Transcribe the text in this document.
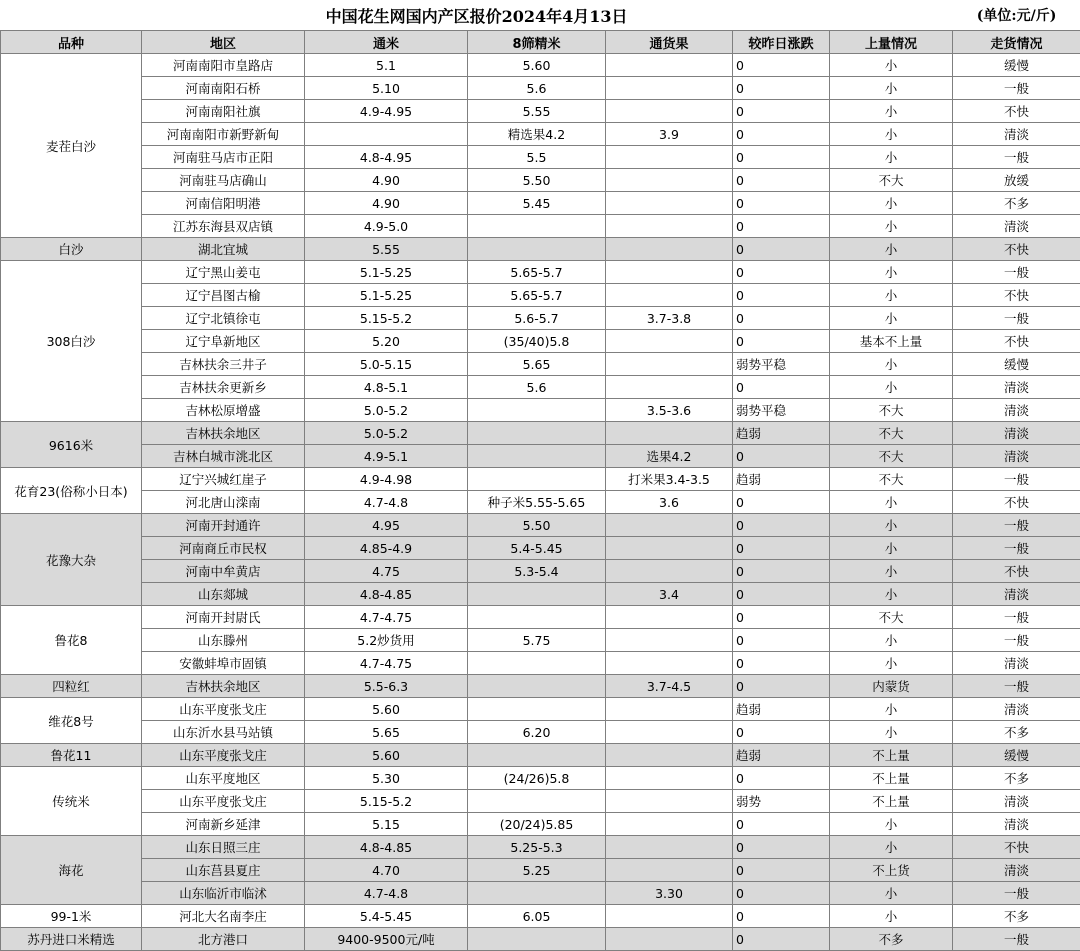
中国花生网国内产区报价2024年4月13日							(单位:元/斤)
品种	地区	通米	8筛精米	通货果	较昨日涨跌	上量情况	走货情况
麦茬白沙	河南南阳市皇路店	5.1	5.60		0	小	缓慢
	河南南阳石桥	5.10	5.6		0	小	一般
	河南南阳社旗	4.9-4.95	5.55		0	小	不快
	河南南阳市新野新甸		精选果4.2	3.9	0	小	清淡
	河南驻马店市正阳	4.8-4.95	5.5		0	小	一般
	河南驻马店确山	4.90	5.50		0	不大	放缓
	河南信阳明港	4.90	5.45		0	小	不多
	江苏东海县双店镇	4.9-5.0			0	小	清淡
白沙	湖北宜城	5.55			0	小	不快
308白沙	辽宁黑山姜屯	5.1-5.25	5.65-5.7		0	小	一般
	辽宁昌图古榆	5.1-5.25	5.65-5.7		0	小	不快
	辽宁北镇徐屯	5.15-5.2	5.6-5.7	3.7-3.8	0	小	一般
	辽宁阜新地区	5.20	(35/40)5.8		0	基本不上量	不快
	吉林扶余三井子	5.0-5.15	5.65		弱势平稳	小	缓慢
	吉林扶余更新乡	4.8-5.1	5.6		0	小	清淡
	吉林松原增盛	5.0-5.2		3.5-3.6	弱势平稳	不大	清淡
9616米	吉林扶余地区	5.0-5.2			趋弱	不大	清淡
	吉林白城市洮北区	4.9-5.1		选果4.2	0	不大	清淡
花育23(俗称小日本)	辽宁兴城红崖子	4.9-4.98		打米果3.4-3.5	趋弱	不大	一般
	河北唐山滦南	4.7-4.8	种子米5.55-5.65	3.6	0	小	不快
花豫大杂	河南开封通许	4.95	5.50		0	小	一般
	河南商丘市民权	4.85-4.9	5.4-5.45		0	小	一般
	河南中牟黄店	4.75	5.3-5.4		0	小	不快
	山东郯城	4.8-4.85		3.4	0	小	清淡
鲁花8	河南开封尉氏	4.7-4.75			0	不大	一般
	山东滕州	5.2炒货用	5.75		0	小	一般
	安徽蚌埠市固镇	4.7-4.75			0	小	清淡
四粒红	吉林扶余地区	5.5-6.3		3.7-4.5	0	内蒙货	一般
维花8号	山东平度张戈庄	5.60			趋弱	小	清淡
	山东沂水县马站镇	5.65	6.20		0	小	不多
鲁花11	山东平度张戈庄	5.60			趋弱	不上量	缓慢
传统米	山东平度地区	5.30	(24/26)5.8		0	不上量	不多
	山东平度张戈庄	5.15-5.2			弱势	不上量	清淡
	河南新乡延津	5.15	(20/24)5.85		0	小	清淡
海花	山东日照三庄	4.8-4.85	5.25-5.3		0	小	不快
	山东莒县夏庄	4.70	5.25		0	不上货	清淡
	山东临沂市临沭	4.7-4.8		3.30	0	小	一般
99-1米	河北大名南李庄	5.4-5.45	6.05		0	小	不多
苏丹进口米精选	北方港口	9400-9500元/吨			0	不多	一般
